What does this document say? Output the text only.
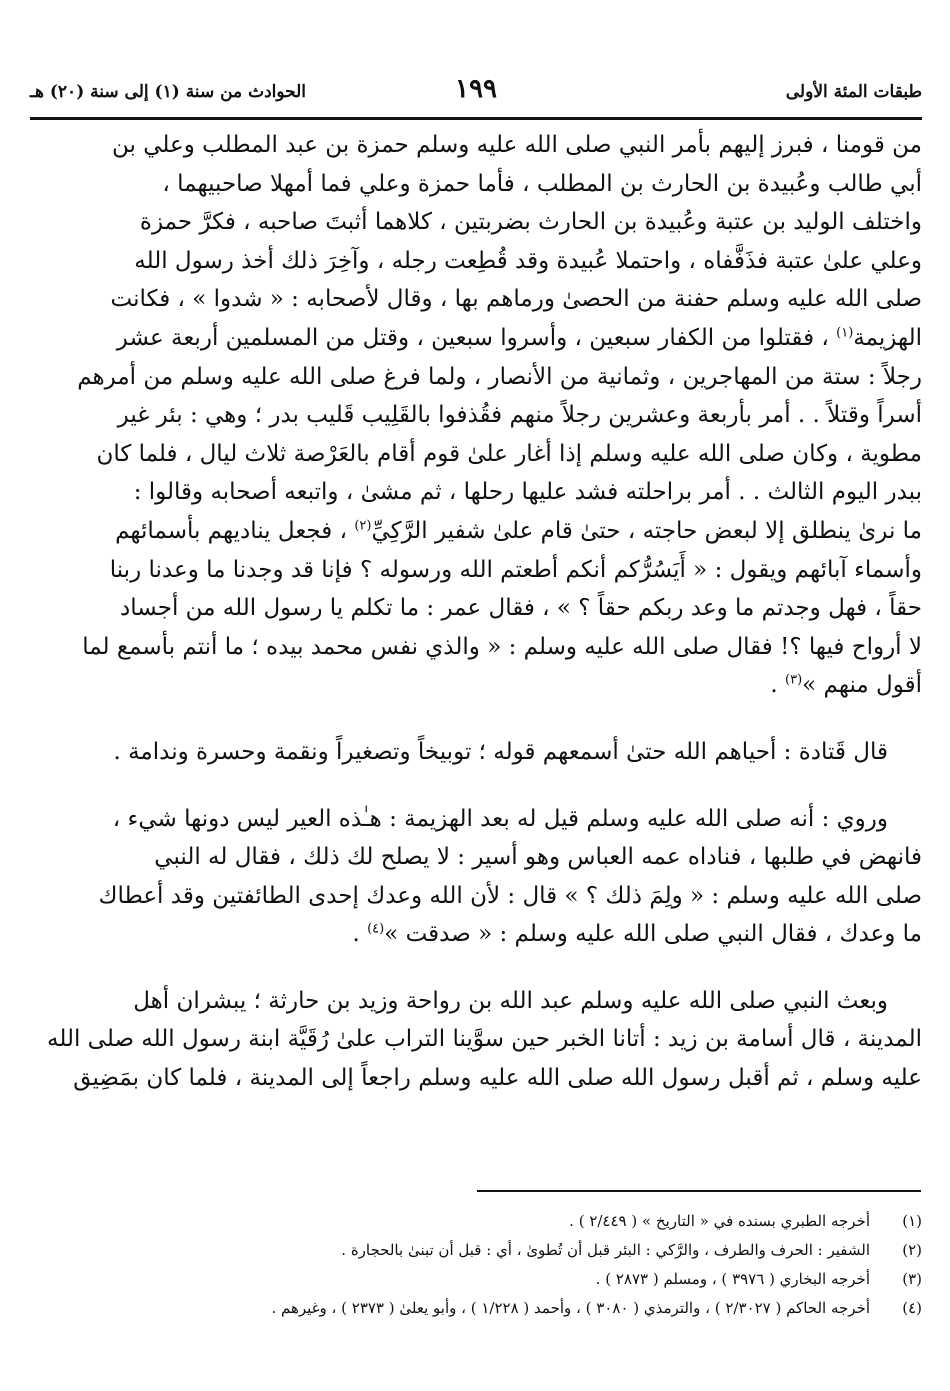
طبقات المئة الأولى
١٩٩
الحوادث من سنة (١) إلى سنة (٢٠) هـ
من قومنا ، فبرز إليهم بأمر النبي صلى الله عليه وسلم حمزة بن عبد المطلب وعلي بن
أبي طالب وعُبيدة بن الحارث بن المطلب ، فأما حمزة وعلي فما أمهلا صاحبيهما ،
واختلف الوليد بن عتبة وعُبيدة بن الحارث بضربتين ، كلاهما أثبتَ صاحبه ، فكرَّ حمزة
وعلي علىٰ عتبة فذَفَّفاه ، واحتملا عُبيدة وقد قُطِعت رجله ، وآخِرَ ذلك أخذ رسول الله
صلى الله عليه وسلم حفنة من الحصىٰ ورماهم بها ، وقال لأصحابه : « شدوا » ، فكانت
الهزيمة$^{(١)}$ ، فقتلوا من الكفار سبعين ، وأسروا سبعين ، وقتل من المسلمين أربعة عشر
رجلاً : ستة من المهاجرين ، وثمانية من الأنصار ، ولما فرغ صلى الله عليه وسلم من أمرهم
أسراً وقتلاً . . أمر بأربعة وعشرين رجلاً منهم فقُذفوا بالقَلِيب قَليب بدر ؛ وهي : بئر غير
مطوية ، وكان صلى الله عليه وسلم إذا أغار علىٰ قوم أقام بالعَرْصة ثلاث ليال ، فلما كان
ببدر اليوم الثالث . . أمر براحلته فشد عليها رحلها ، ثم مشىٰ ، واتبعه أصحابه وقالوا :
ما نرىٰ ينطلق إلا لبعض حاجته ، حتىٰ قام علىٰ شفير الرَّكِيِّ$^{(٢)}$ ، فجعل يناديهم بأسمائهم
وأسماء آبائهم ويقول : « أَيَسُرُّكم أنكم أطعتم الله ورسوله ؟ فإنا قد وجدنا ما وعدنا ربنا
حقاً ، فهل وجدتم ما وعد ربكم حقاً ؟ » ، فقال عمر : ما تكلم يا رسول الله من أجساد
لا أرواح فيها ؟! فقال صلى الله عليه وسلم : « والذي نفس محمد بيده ؛ ما أنتم بأسمع لما
أقول منهم »$^{(٣)}$ .
قال قَتادة : أحياهم الله حتىٰ أسمعهم قوله ؛ توبيخاً وتصغيراً ونقمة وحسرة وندامة .
وروي : أنه صلى الله عليه وسلم قيل له بعد الهزيمة : هـٰذه العير ليس دونها شيء ،
فانهض في طلبها ، فناداه عمه العباس وهو أسير : لا يصلح لك ذلك ، فقال له النبي
صلى الله عليه وسلم : « ولِمَ ذلك ؟ » قال : لأن الله وعدك إحدى الطائفتين وقد أعطاك
ما وعدك ، فقال النبي صلى الله عليه وسلم : « صدقت »$^{(٤)}$ .
وبعث النبي صلى الله عليه وسلم عبد الله بن رواحة وزيد بن حارثة ؛ يبشران أهل
المدينة ، قال أسامة بن زيد : أتانا الخبر حين سوَّينا التراب علىٰ رُقَيَّة ابنة رسول الله صلى الله
عليه وسلم ، ثم أقبل رسول الله صلى الله عليه وسلم راجعاً إلى المدينة ، فلما كان بمَضِيق
(١)
أخرجه الطبري بسنده في « التاريخ » ( ٢/٤٤٩ ) .
(٢)
الشفير : الحرف والطرف ، والرَّكي : البئر قبل أن تُطوىٰ ، أي : قبل أن تبنىٰ بالحجارة .
(٣)
أخرجه البخاري ( ٣٩٧٦ ) ، ومسلم ( ٢٨٧٣ ) .
(٤)
أخرجه الحاكم ( ٢/٣٠٢٧ ) ، والترمذي ( ٣٠٨٠ ) ، وأحمد ( ١/٢٢٨ ) ، وأبو يعلىٰ ( ٢٣٧٣ ) ، وغيرهم .
